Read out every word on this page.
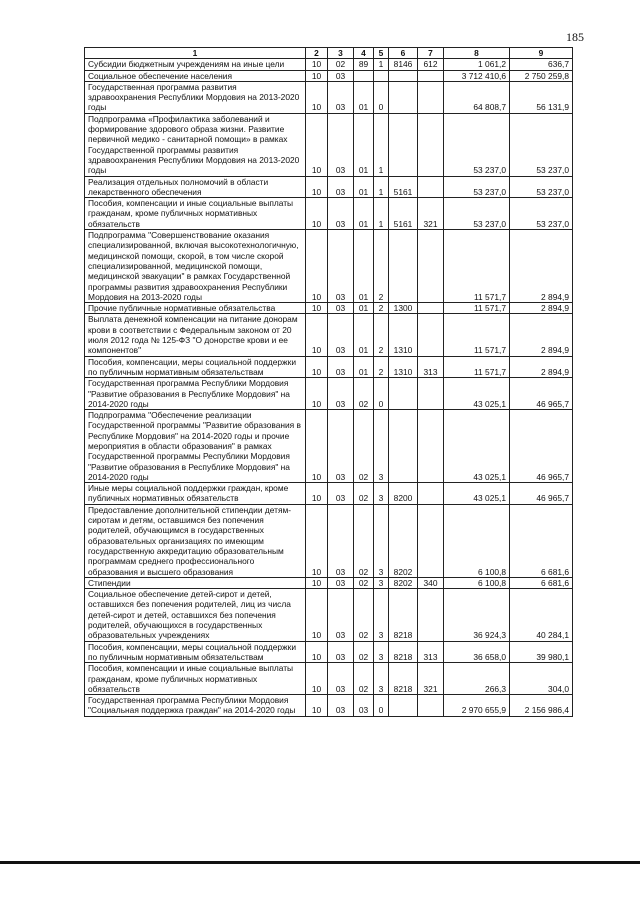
185
1	2	3	4	5	6	7	8	9
Субсидии бюджетным учреждениям на иные цели	10	02	89	1	8146	612	1 061,2	636,7
Социальное обеспечение населения	10	03					3 712 410,6	2 750 259,8
Государственная программа развития здравоохранения Республики Мордовия на 2013-2020 годы	10	03	01	0			64 808,7	56 131,9
Подпрограмма «Профилактика заболеваний и формирование здорового образа жизни. Развитие первичной медико - санитарной помощи» в рамках Государственной программы развития здравоохранения Республики Мордовия на 2013-2020 годы	10	03	01	1			53 237,0	53 237,0
Реализация отдельных полномочий в области лекарственного обеспечения	10	03	01	1	5161		53 237,0	53 237,0
Пособия, компенсации и иные социальные выплаты гражданам, кроме публичных нормативных обязательств	10	03	01	1	5161	321	53 237,0	53 237,0
Подпрограмма "Совершенствование оказания специализированной, включая высокотехнологичную, медицинской помощи, скорой, в том числе скорой специализированной, медицинской помощи, медицинской эвакуации" в рамках Государственной программы развития здравоохранения Республики Мордовия на 2013-2020 годы	10	03	01	2			11 571,7	2 894,9
Прочие публичные нормативные обязательства	10	03	01	2	1300		11 571,7	2 894,9
Выплата денежной компенсации на питание донорам крови в соответствии с Федеральным законом от 20 июля 2012 года № 125-ФЗ "О донорстве крови и ее компонентов"	10	03	01	2	1310		11 571,7	2 894,9
Пособия, компенсации, меры социальной поддержки по публичным нормативным обязательствам	10	03	01	2	1310	313	11 571,7	2 894,9
Государственная программа Республики Мордовия "Развитие образования в Республике Мордовия" на 2014-2020 годы	10	03	02	0			43 025,1	46 965,7
Подпрограмма "Обеспечение реализации Государственной программы "Развитие образования в Республике Мордовия" на 2014-2020 годы и прочие мероприятия в области образования" в рамках Государственной программы Республики Мордовия "Развитие образования в Республике Мордовия" на 2014-2020 годы	10	03	02	3			43 025,1	46 965,7
Иные меры социальной поддержки граждан, кроме публичных нормативных обязательств	10	03	02	3	8200		43 025,1	46 965,7
Предоставление дополнительной стипендии детям-сиротам и детям, оставшимся без попечения родителей, обучающимся в государственных образовательных организациях по имеющим государственную аккредитацию образовательным программам среднего профессионального образования и высшего образования	10	03	02	3	8202		6 100,8	6 681,6
Стипендии	10	03	02	3	8202	340	6 100,8	6 681,6
Социальное обеспечение детей-сирот и детей, оставшихся без попечения родителей, лиц из числа детей-сирот и детей, оставшихся без попечения родителей, обучающихся в государственных образовательных учреждениях	10	03	02	3	8218		36 924,3	40 284,1
Пособия, компенсации, меры социальной поддержки по публичным нормативным обязательствам	10	03	02	3	8218	313	36 658,0	39 980,1
Пособия, компенсации и иные социальные выплаты гражданам, кроме публичных нормативных обязательств	10	03	02	3	8218	321	266,3	304,0
Государственная программа Республики Мордовия "Социальная поддержка граждан" на 2014-2020 годы	10	03	03	0			2 970 655,9	2 156 986,4
